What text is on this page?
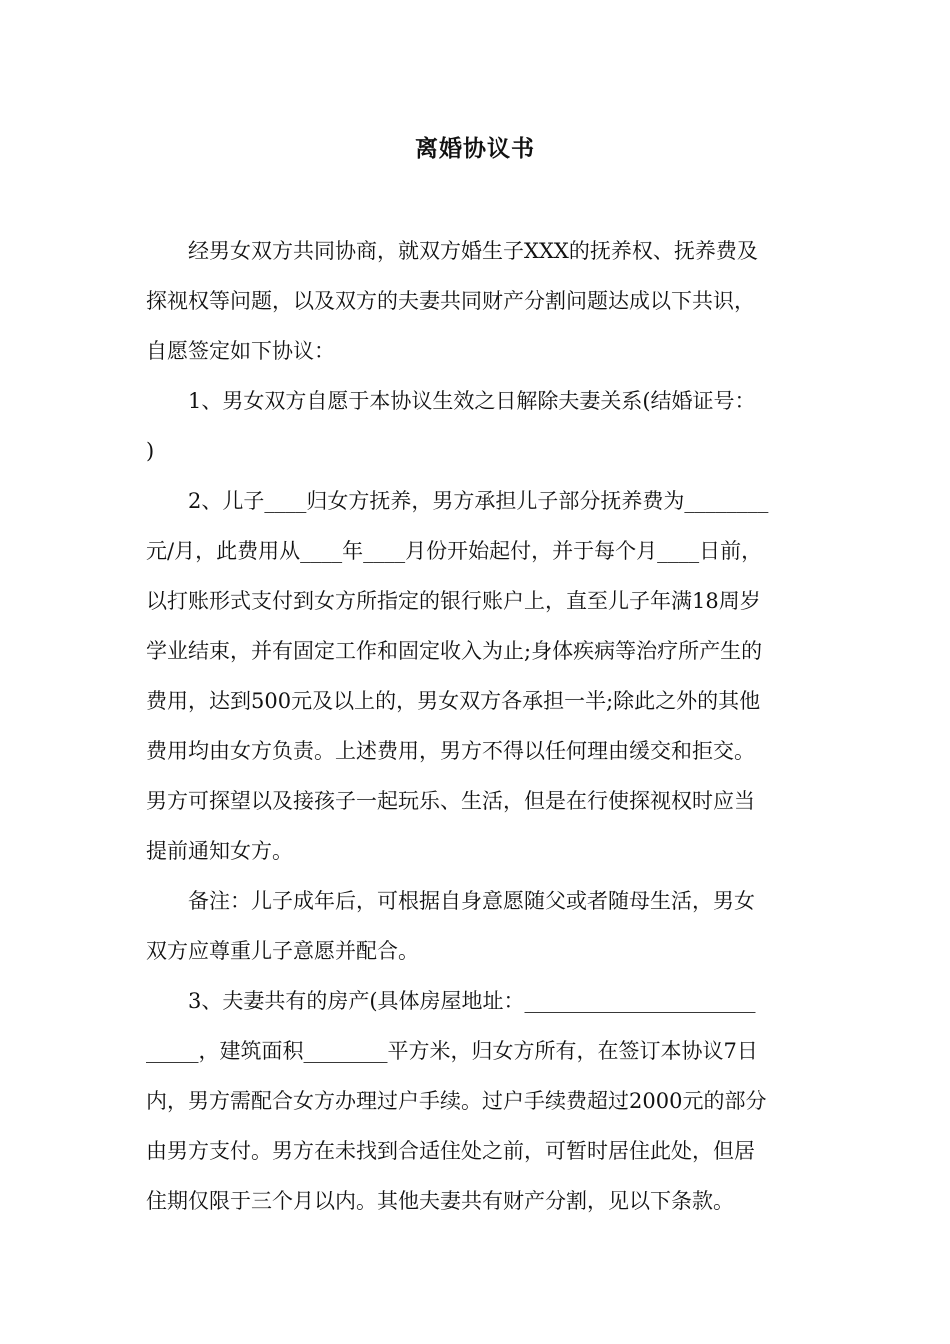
离婚协议书
经男女双方共同协商，就双方婚生子XXX的抚养权、抚养费及
探视权等问题，以及双方的夫妻共同财产分割问题达成以下共识，
自愿签定如下协议：
1、男女双方自愿于本协议生效之日解除夫妻关系(结婚证号：
)
2、儿子____归女方抚养，男方承担儿子部分抚养费为________
元/月，此费用从____年____月份开始起付，并于每个月____日前，
以打账形式支付到女方所指定的银行账户上，直至儿子年满18周岁
学业结束，并有固定工作和固定收入为止;身体疾病等治疗所产生的
费用，达到500元及以上的，男女双方各承担一半;除此之外的其他
费用均由女方负责。上述费用，男方不得以任何理由缓交和拒交。
男方可探望以及接孩子一起玩乐、生活，但是在行使探视权时应当
提前通知女方。
备注：儿子成年后，可根据自身意愿随父或者随母生活，男女
双方应尊重儿子意愿并配合。
3、夫妻共有的房产(具体房屋地址：______________________
_____，建筑面积________平方米，归女方所有，在签订本协议7日
内，男方需配合女方办理过户手续。过户手续费超过2000元的部分
由男方支付。男方在未找到合适住处之前，可暂时居住此处，但居
住期仅限于三个月以内。其他夫妻共有财产分割，见以下条款。
